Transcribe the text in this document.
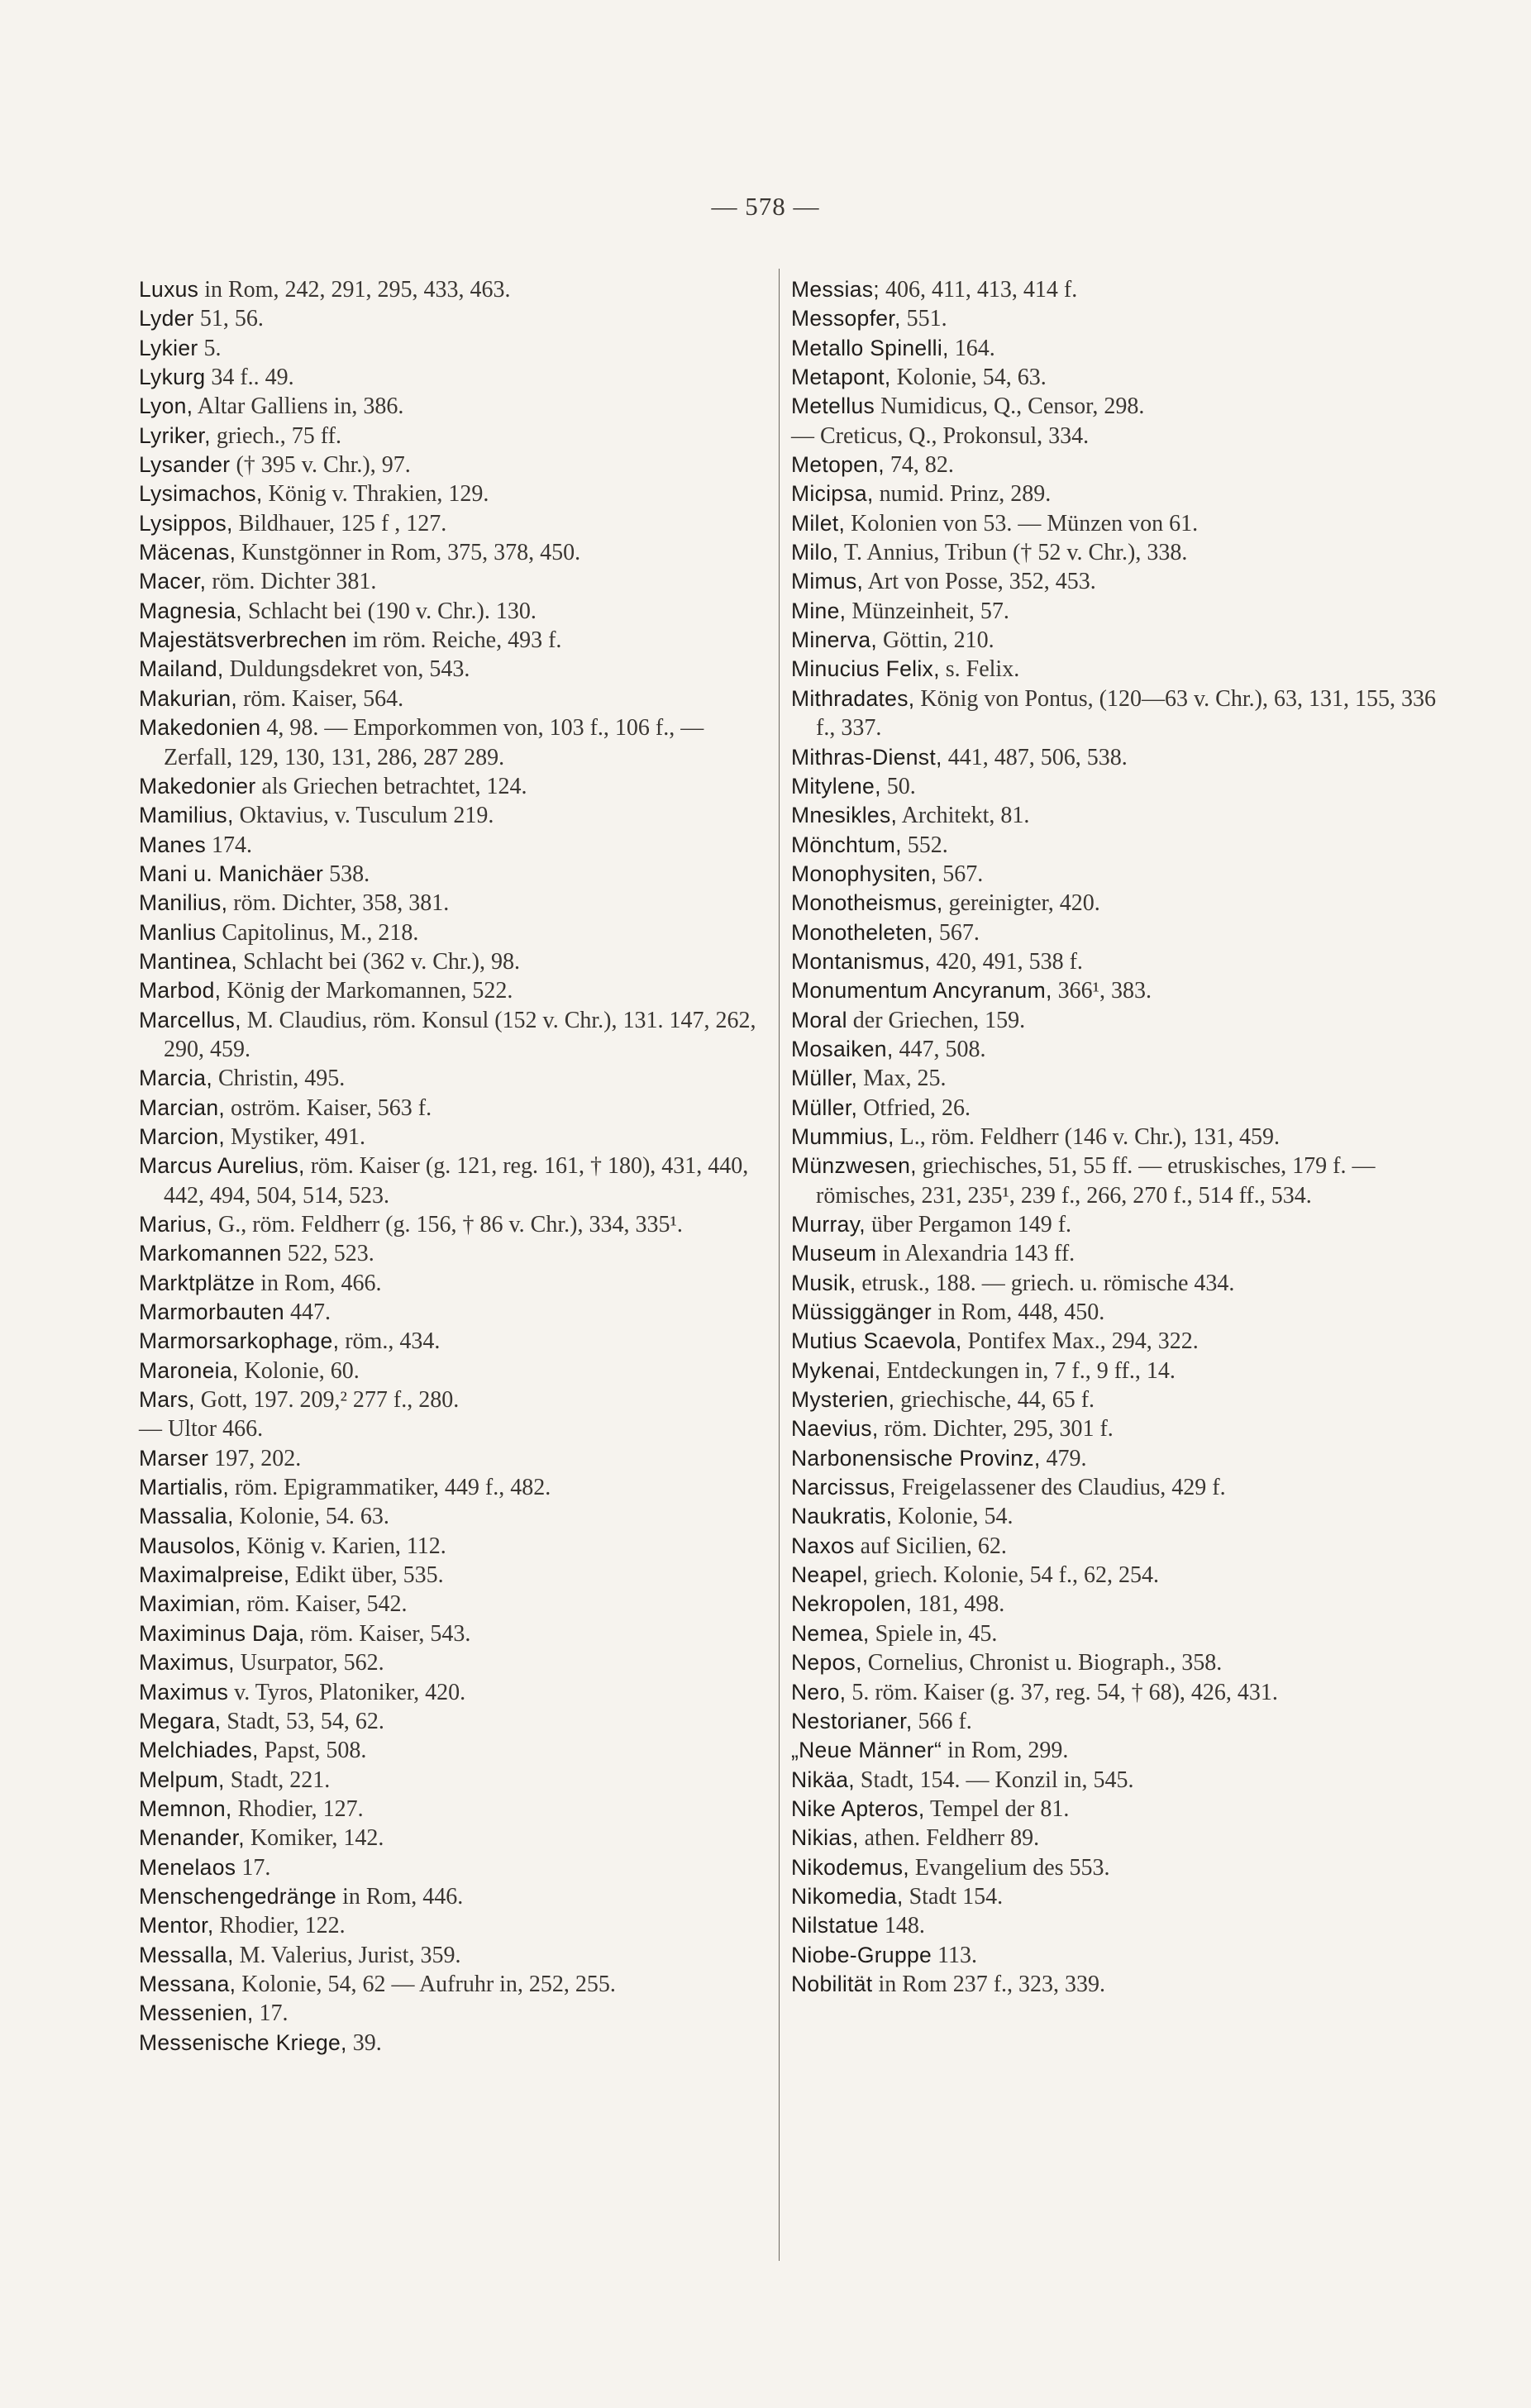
— 578 —

Luxus in Rom, 242, 291, 295, 433, 463.

Lyder 51, 56.

Lykier 5.

Lykurg 34 f.. 49.

Lyon, Altar Galliens in, 386.

Lyriker, griech., 75 ff.

Lysander († 395 v. Chr.), 97.

Lysimachos, König v. Thrakien, 129.

Lysippos, Bildhauer, 125 f , 127.

Mäcenas, Kunstgönner in Rom, 375, 378, 450.

Macer, röm. Dichter 381.

Magnesia, Schlacht bei (190 v. Chr.). 130.

Majestätsverbrechen im röm. Reiche, 493 f.

Mailand, Duldungsdekret von, 543.

Makurian, röm. Kaiser, 564.

Makedonien 4, 98. — Emporkommen von, 103 f., 106 f., — Zerfall, 129, 130, 131, 286, 287 289.

Makedonier als Griechen betrachtet, 124.

Mamilius, Oktavius, v. Tusculum 219.

Manes 174.

Mani u. Manichäer 538.

Manilius, röm. Dichter, 358, 381.

Manlius Capitolinus, M., 218.

Mantinea, Schlacht bei (362 v. Chr.), 98.

Marbod, König der Markomannen, 522.

Marcellus, M. Claudius, röm. Konsul (152 v. Chr.), 131. 147, 262, 290, 459.

Marcia, Christin, 495.

Marcian, oström. Kaiser, 563 f.

Marcion, Mystiker, 491.

Marcus Aurelius, röm. Kaiser (g. 121, reg. 161, † 180), 431, 440, 442, 494, 504, 514, 523.

Marius, G., röm. Feldherr (g. 156, † 86 v. Chr.), 334, 335¹.

Markomannen 522, 523.

Marktplätze in Rom, 466.

Marmorbauten 447.

Marmorsarkophage, röm., 434.

Maroneia, Kolonie, 60.

Mars, Gott, 197. 209,² 277 f., 280.

— Ultor 466.

Marser 197, 202.

Martialis, röm. Epigrammatiker, 449 f., 482.

Massalia, Kolonie, 54. 63.

Mausolos, König v. Karien, 112.

Maximalpreise, Edikt über, 535.

Maximian, röm. Kaiser, 542.

Maximinus Daja, röm. Kaiser, 543.

Maximus, Usurpator, 562.

Maximus v. Tyros, Platoniker, 420.

Megara, Stadt, 53, 54, 62.

Melchiades, Papst, 508.

Melpum, Stadt, 221.

Memnon, Rhodier, 127.

Menander, Komiker, 142.

Menelaos 17.

Menschengedränge in Rom, 446.

Mentor, Rhodier, 122.

Messalla, M. Valerius, Jurist, 359.

Messana, Kolonie, 54, 62 — Aufruhr in, 252, 255.

Messenien, 17.

Messenische Kriege, 39.

Messias; 406, 411, 413, 414 f.

Messopfer, 551.

Metallo Spinelli, 164.

Metapont, Kolonie, 54, 63.

Metellus Numidicus, Q., Censor, 298.

— Creticus, Q., Prokonsul, 334.

Metopen, 74, 82.

Micipsa, numid. Prinz, 289.

Milet, Kolonien von 53. — Münzen von 61.

Milo, T. Annius, Tribun († 52 v. Chr.), 338.

Mimus, Art von Posse, 352, 453.

Mine, Münzeinheit, 57.

Minerva, Göttin, 210.

Minucius Felix, s. Felix.

Mithradates, König von Pontus, (120—63 v. Chr.), 63, 131, 155, 336 f., 337.

Mithras-Dienst, 441, 487, 506, 538.

Mitylene, 50.

Mnesikles, Architekt, 81.

Mönchtum, 552.

Monophysiten, 567.

Monotheismus, gereinigter, 420.

Monotheleten, 567.

Montanismus, 420, 491, 538 f.

Monumentum Ancyranum, 366¹, 383.

Moral der Griechen, 159.

Mosaiken, 447, 508.

Müller, Max, 25.

Müller, Otfried, 26.

Mummius, L., röm. Feldherr (146 v. Chr.), 131, 459.

Münzwesen, griechisches, 51, 55 ff. — etruskisches, 179 f. — römisches, 231, 235¹, 239 f., 266, 270 f., 514 ff., 534.

Murray, über Pergamon 149 f.

Museum in Alexandria 143 ff.

Musik, etrusk., 188. — griech. u. römische 434.

Müssiggänger in Rom, 448, 450.

Mutius Scaevola, Pontifex Max., 294, 322.

Mykenai, Entdeckungen in, 7 f., 9 ff., 14.

Mysterien, griechische, 44, 65 f.

Naevius, röm. Dichter, 295, 301 f.

Narbonensische Provinz, 479.

Narcissus, Freigelassener des Claudius, 429 f.

Naukratis, Kolonie, 54.

Naxos auf Sicilien, 62.

Neapel, griech. Kolonie, 54 f., 62, 254.

Nekropolen, 181, 498.

Nemea, Spiele in, 45.

Nepos, Cornelius, Chronist u. Biograph., 358.

Nero, 5. röm. Kaiser (g. 37, reg. 54, † 68), 426, 431.

Nestorianer, 566 f.

„Neue Männer“ in Rom, 299.

Nikäa, Stadt, 154. — Konzil in, 545.

Nike Apteros, Tempel der 81.

Nikias, athen. Feldherr 89.

Nikodemus, Evangelium des 553.

Nikomedia, Stadt 154.

Nilstatue 148.

Niobe-Gruppe 113.

Nobilität in Rom 237 f., 323, 339.
